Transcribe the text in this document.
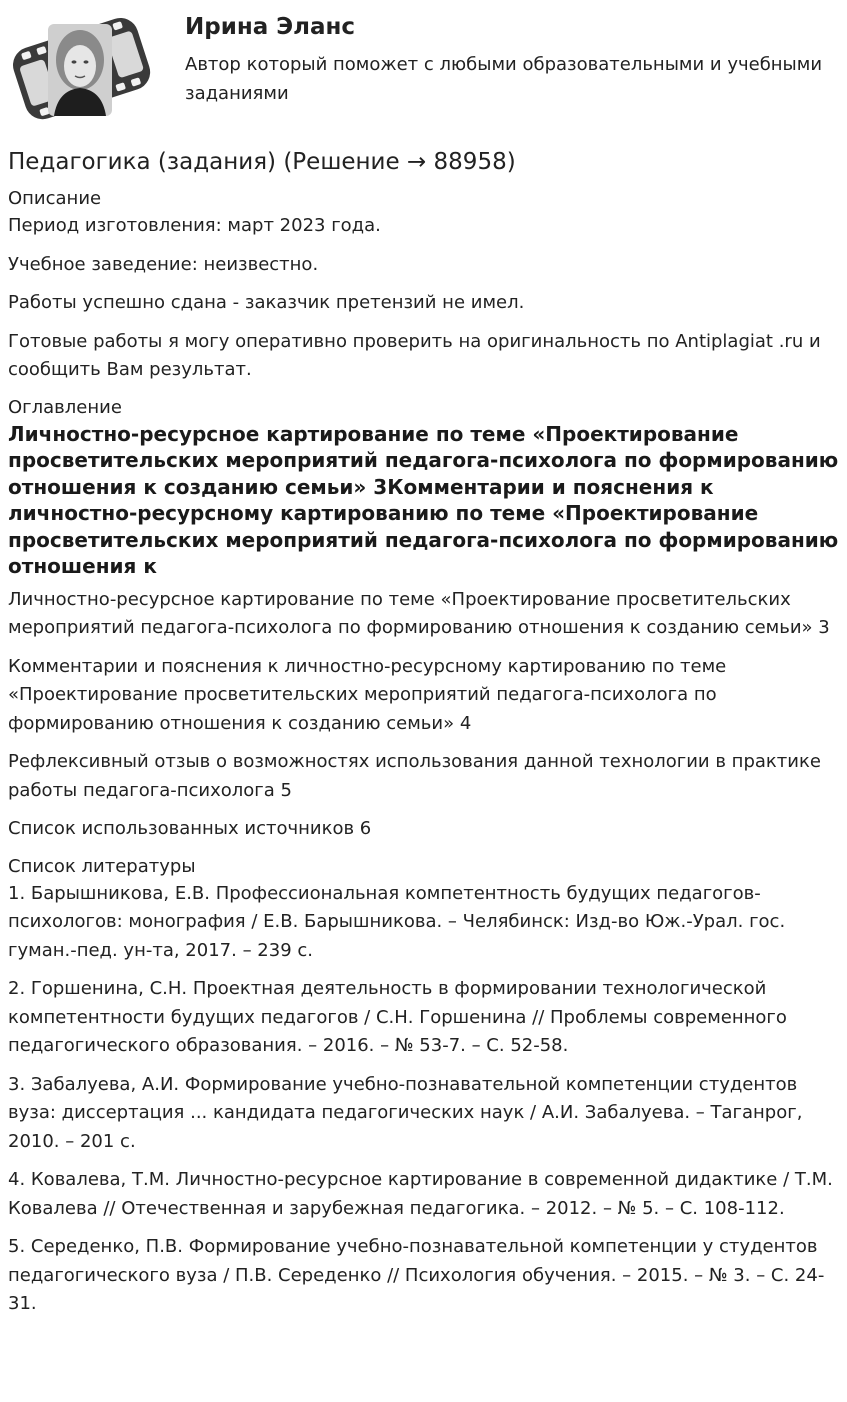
Ирина Эланс

Автор который поможет с любыми образовательными и учебными заданиями

Педагогика (задания) (Решение → 88958)

Описание

Период изготовления: март 2023 года.

Учебное заведение: неизвестно.

Работы успешно сдана - заказчик претензий не имел.

Готовые работы я могу оперативно проверить на оригинальность по Antiplagiat .ru и сообщить Вам результат.

Оглавление

Личностно-ресурсное картирование по теме «Проектирование просветительских мероприятий педагога-психолога по формированию отношения к созданию семьи» 3Комментарии и пояснения к личностно-ресурсному картированию по теме «Проектирование просветительских мероприятий педагога-психолога по формированию отношения к

Личностно-ресурсное картирование по теме «Проектирование просветительских мероприятий педагога-психолога по формированию отношения к созданию семьи» 3

Комментарии и пояснения к личностно-ресурсному картированию по теме «Проектирование просветительских мероприятий педагога-психолога по формированию отношения к созданию семьи» 4

Рефлексивный отзыв о возможностях использования данной технологии в практике работы педагога-психолога 5

Список использованных источников 6

Список литературы

1. Барышникова, Е.В. Профессиональная компетентность будущих педагогов-психологов: монография / Е.В. Барышникова. – Челябинск: Изд-во Юж.-Урал. гос. гуман.-пед. ун-та, 2017. – 239 с.

2. Горшенина, С.Н. Проектная деятельность в формировании технологической компетентности будущих педагогов / С.Н. Горшенина // Проблемы современного педагогического образования. – 2016. – № 53-7. – С. 52-58.

3. Забалуева, А.И. Формирование учебно-познавательной компетенции студентов вуза: диссертация ... кандидата педагогических наук / А.И. Забалуева. – Таганрог, 2010. – 201 с.

4. Ковалева, Т.М. Личностно-ресурсное картирование в современной дидактике / Т.М. Ковалева // Отечественная и зарубежная педагогика. – 2012. – № 5. – С. 108-112.

5. Середенко, П.В. Формирование учебно-познавательной компетенции у студентов педагогического вуза / П.В. Середенко // Психология обучения. – 2015. – № 3. – С. 24-31.
